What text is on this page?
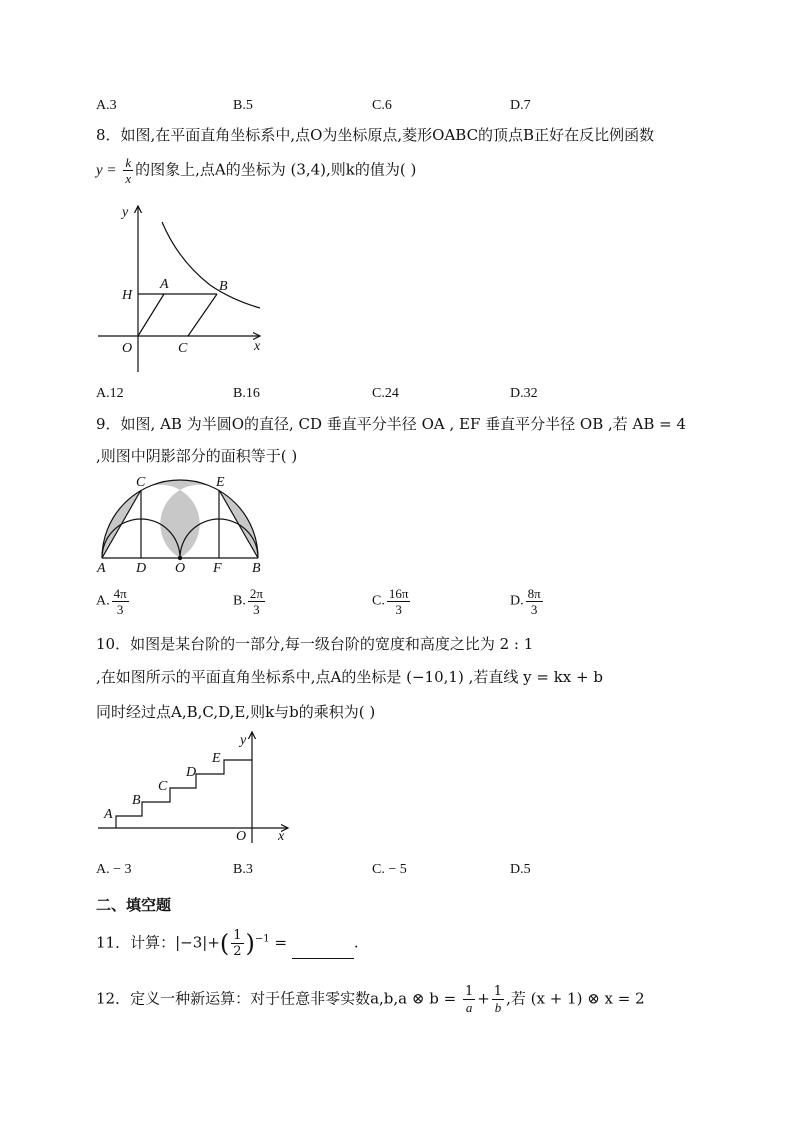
A.3	B.5	C.6	D.7
8．如图,在平面直角坐标系中,点O为坐标原点,菱形OABC的顶点B正好在反比例函数
$y = \frac{k}{x}$ 的图象上,点A的坐标为 (3,4),则k的值为( )
y
x
O
H
A	B
C
A.12	B.16	C.24	D.32
9．如图, AB 为半圆O的直径, CD 垂直平分半径 OA , EF 垂直平分半径 OB ,若 AB = 4
,则图中阴影部分的面积等于( )
C	E
A D O F B
A. $\frac{4\pi}{3}$	B. $\frac{2\pi}{3}$	C. $\frac{16\pi}{3}$	D. $\frac{8\pi}{3}$
10．如图是某台阶的一部分,每一级台阶的宽度和高度之比为 2 : 1
,在如图所示的平面直角坐标系中,点A的坐标是 (−10,1) ,若直线 y = kx + b
同时经过点A,B,C,D,E,则k与b的乘积为( )
A
B
C
D
E
y
x
O
A. − 3	B.3	C. − 5	D.5
二、填空题
11．计算：$|-3|+( \frac{1}{2} )^{-1}$ =	.
12．定义一种新运算：对于任意非零实数a,b,a ⊗ $b = \frac{1}{a} + \frac{1}{b}$ ,若 (x + 1) ⊗ x = 2
